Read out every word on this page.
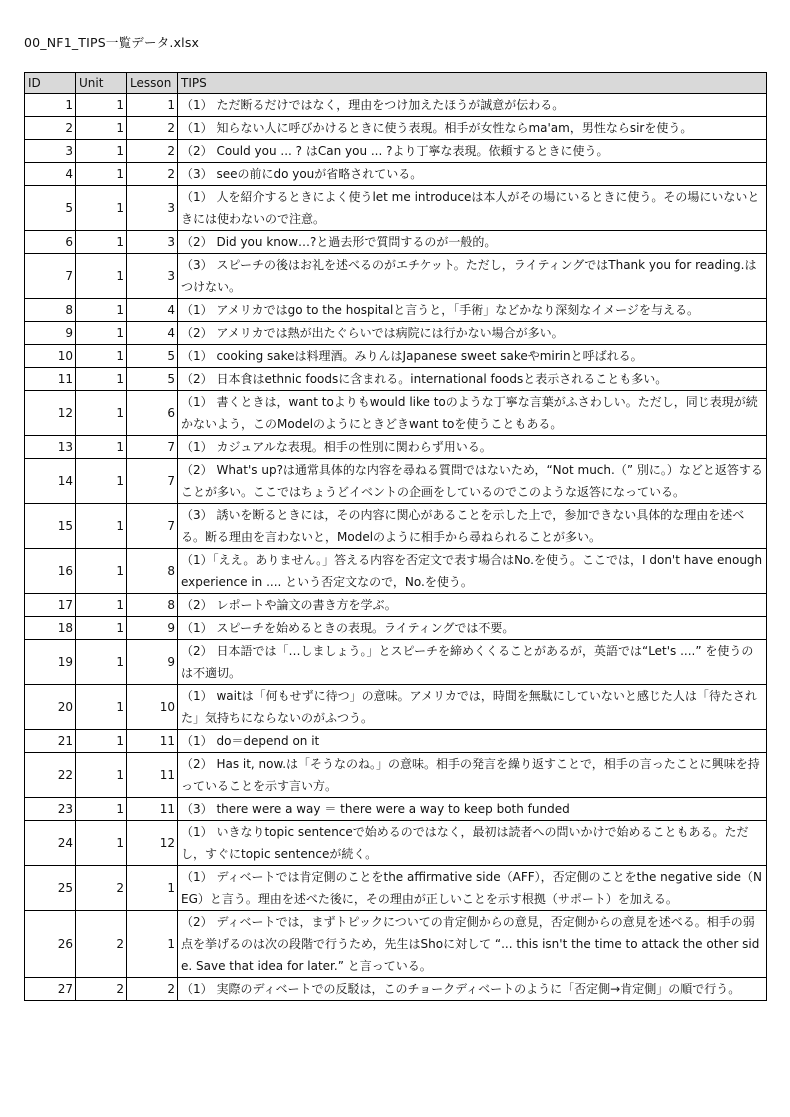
00_NF1_TIPS一覧データ.xlsx
ID	Unit	Lesson	TIPS
1	1	1	（1） ただ断るだけではなく，理由をつけ加えたほうが誠意が伝わる。
2	1	2	（1） 知らない人に呼びかけるときに使う表現。相手が女性ならma'am，男性ならsirを使う。
3	1	2	（2） Could you ... ? はCan you ... ?より丁寧な表現。依頼するときに使う。
4	1	2	（3） seeの前にdo youが省略されている。
5	1	3	（1） 人を紹介するときによく使うlet me introduceは本人がその場にいるときに使う。その場にいないときには使わないので注意。
6	1	3	（2） Did you know…?と過去形で質問するのが一般的。
7	1	3	（3） スピーチの後はお礼を述べるのがエチケット。ただし，ライティングではThank you for reading.はつけない。
8	1	4	（1） アメリカではgo to the hospitalと言うと，「手術」などかなり深刻なイメージを与える。
9	1	4	（2） アメリカでは熱が出たぐらいでは病院には行かない場合が多い。
10	1	5	（1） cooking sakeは料理酒。みりんはJapanese sweet sakeやmirinと呼ばれる。
11	1	5	（2） 日本食はethnic foodsに含まれる。international foodsと表示されることも多い。
12	1	6	（1） 書くときは，want toよりもwould like toのような丁寧な言葉がふさわしい。ただし，同じ表現が続かないよう，このModelのようにときどきwant toを使うこともある。
13	1	7	（1） カジュアルな表現。相手の性別に関わらず用いる。
14	1	7	（2） What's up?は通常具体的な内容を尋ねる質問ではないため，“Not much.（” 別に。）などと返答することが多い。ここではちょうどイベントの企画をしているのでこのような返答になっている。
15	1	7	（3） 誘いを断るときには，その内容に関心があることを示した上で，参加できない具体的な理由を述べる。断る理由を言わないと，Modelのように相手から尋ねられることが多い。
16	1	8	（1）「ええ。ありません。」答える内容を否定文で表す場合はNo.を使う。ここでは，I don't have enough experience in .... という否定文なので，No.を使う。
17	1	8	（2） レポートや論文の書き方を学ぶ。
18	1	9	（1） スピーチを始めるときの表現。ライティングでは不要。
19	1	9	（2） 日本語では「…しましょう。」とスピーチを締めくくることがあるが，英語では“Let's ....” を使うのは不適切。
20	1	10	（1） waitは「何もせずに待つ」の意味。アメリカでは，時間を無駄にしていないと感じた人は「待たされた」気持ちにならないのがふつう。
21	1	11	（1） do＝depend on it
22	1	11	（2） Has it, now.は「そうなのね。」の意味。相手の発言を繰り返すことで，相手の言ったことに興味を持っていることを示す言い方。
23	1	11	（3） there were a way ＝ there were a way to keep both funded
24	1	12	（1） いきなりtopic sentenceで始めるのではなく，最初は読者への問いかけで始めることもある。ただし，すぐにtopic sentenceが続く。
25	2	1	（1） ディベートでは肯定側のことをthe affirmative side（AFF），否定側のことをthe negative side（NEG）と言う。理由を述べた後に，その理由が正しいことを示す根拠（サポート）を加える。
26	2	1	（2） ディベートでは，まずトピックについての肯定側からの意見，否定側からの意見を述べる。相手の弱点を挙げるのは次の段階で行うため，先生はShoに対して “... this isn't the time to attack the other side. Save that idea for later.” と言っている。
27	2	2	（1） 実際のディベートでの反駁は，このチョークディベートのように「否定側→肯定側」の順で行う。
